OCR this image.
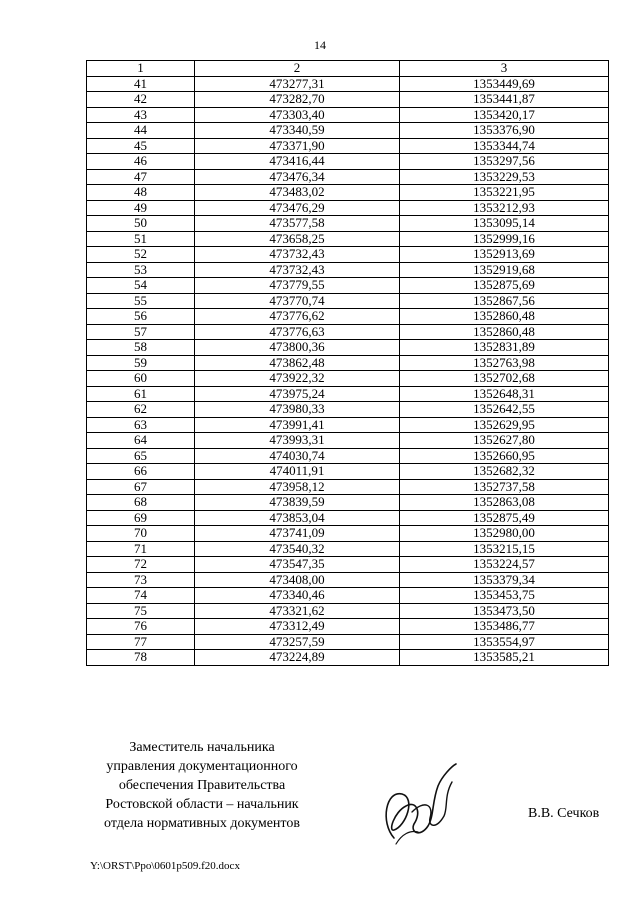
14
1	2	3
41	473277,31	1353449,69
42	473282,70	1353441,87
43	473303,40	1353420,17
44	473340,59	1353376,90
45	473371,90	1353344,74
46	473416,44	1353297,56
47	473476,34	1353229,53
48	473483,02	1353221,95
49	473476,29	1353212,93
50	473577,58	1353095,14
51	473658,25	1352999,16
52	473732,43	1352913,69
53	473732,43	1352919,68
54	473779,55	1352875,69
55	473770,74	1352867,56
56	473776,62	1352860,48
57	473776,63	1352860,48
58	473800,36	1352831,89
59	473862,48	1352763,98
60	473922,32	1352702,68
61	473975,24	1352648,31
62	473980,33	1352642,55
63	473991,41	1352629,95
64	473993,31	1352627,80
65	474030,74	1352660,95
66	474011,91	1352682,32
67	473958,12	1352737,58
68	473839,59	1352863,08
69	473853,04	1352875,49
70	473741,09	1352980,00
71	473540,32	1353215,15
72	473547,35	1353224,57
73	473408,00	1353379,34
74	473340,46	1353453,75
75	473321,62	1353473,50
76	473312,49	1353486,77
77	473257,59	1353554,97
78	473224,89	1353585,21
Заместитель начальника
управления документационного
обеспечения Правительства
Ростовской области – начальник
отдела нормативных документов
В.В. Сечков
Y:\ORST\Ppo\0601p509.f20.docx
